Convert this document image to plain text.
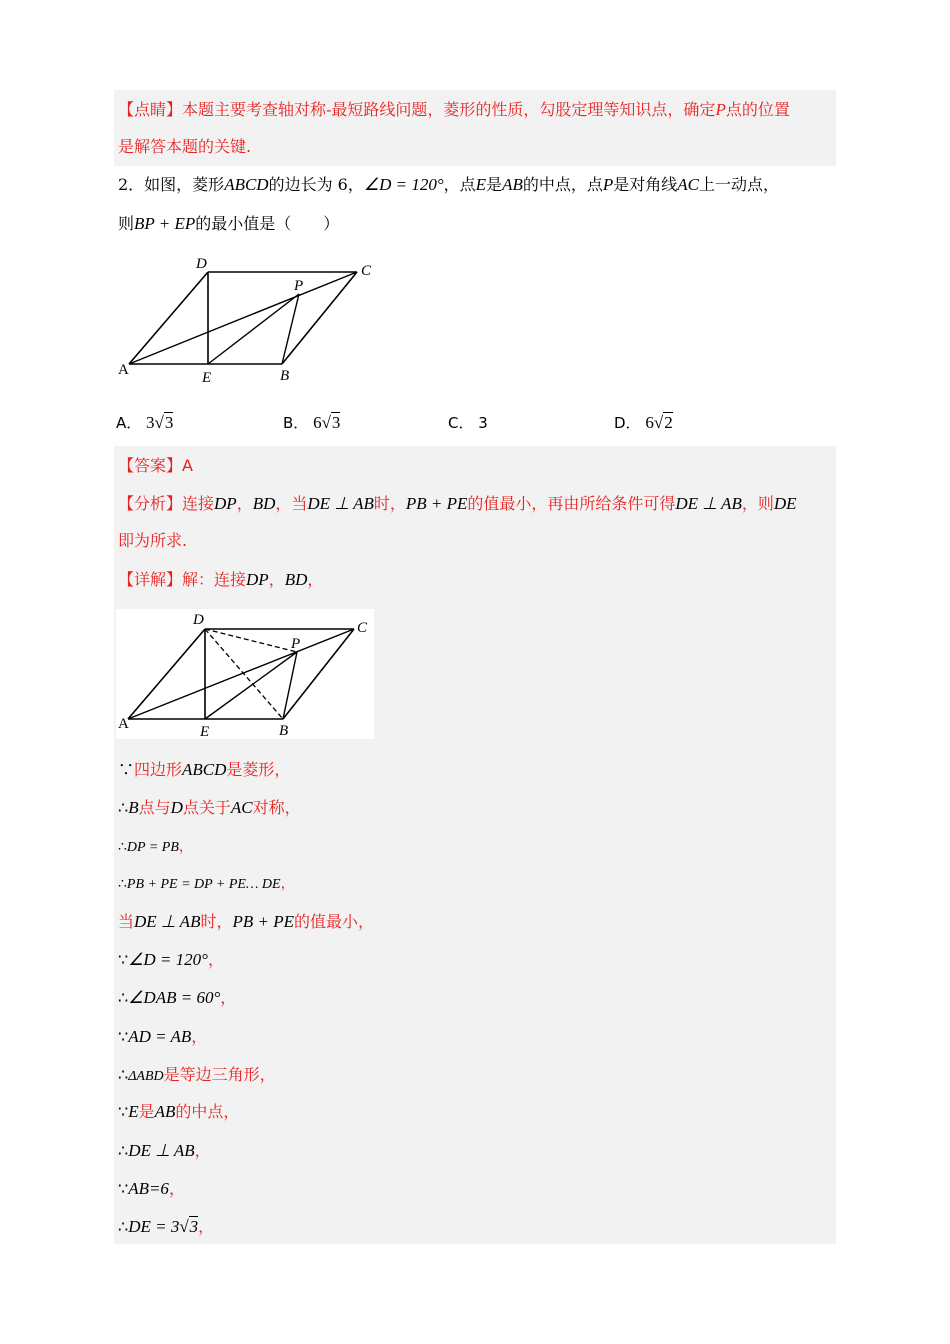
【点睛】本题主要考查轴对称-最短路线问题，菱形的性质，勾股定理等知识点，确定P点的位置
是解答本题的关键.
2．如图，菱形ABCD的边长为 6，∠D = 120°，点E是AB的中点，点P是对角线AC上一动点，
则BP + EP的最小值是（　　）
D	C
P
A	E	B
A． 3√3	B． 6√3	C． 3	D． 6√2
【答案】A
【分析】连接DP，BD，当DE ⊥ AB时，PB + PE的值最小，再由所给条件可得DE ⊥ AB，则DE
即为所求.
【详解】解：连接DP，BD，
D	C
P
A	E	B
∵四边形ABCD是菱形，
∴B点与D点关于AC对称，
∴DP = PB，
∴PB + PE = DP + PE… DE，
当DE ⊥ AB时，PB + PE的值最小，
∵∠D = 120°，
∴∠DAB = 60°，
∵AD = AB，
∴ΔABD是等边三角形，
∵E是AB的中点，
∴DE ⊥ AB，
∵AB=6，
∴DE = 3√3，
